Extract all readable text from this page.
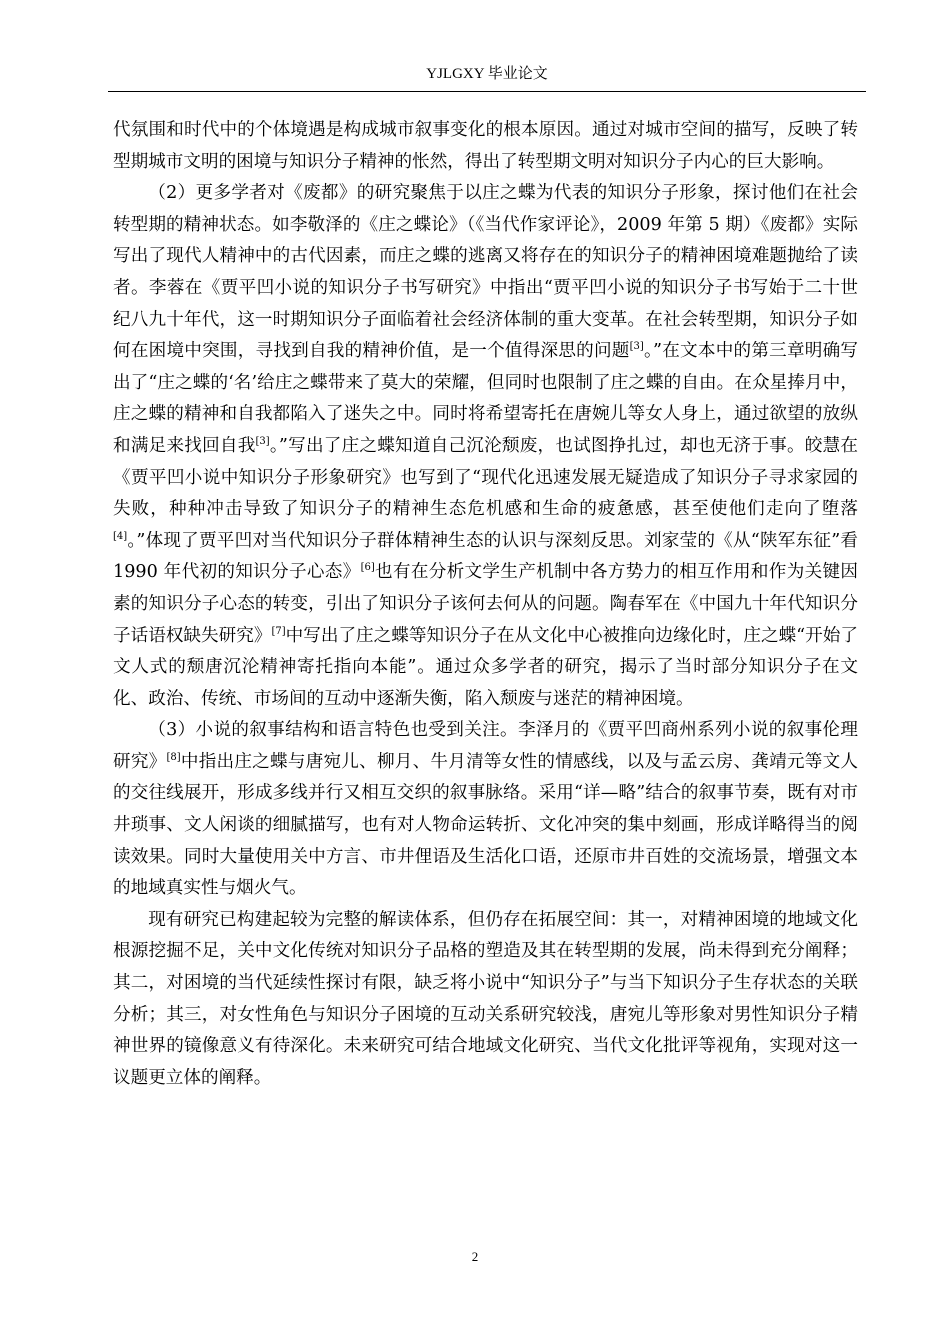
YJLGXY 毕业论文

代氛围和时代中的个体境遇是构成城市叙事变化的根本原因。通过对城市空间的描写，反映了转型期城市文明的困境与知识分子精神的怅然，得出了转型期文明对知识分子内心的巨大影响。

（2）更多学者对《废都》的研究聚焦于以庄之蝶为代表的知识分子形象，探讨他们在社会转型期的精神状态。如李敬泽的《庄之蝶论》（《当代作家评论》，2009 年第 5 期）《废都》实际写出了现代人精神中的古代因素，而庄之蝶的逃离又将存在的知识分子的精神困境难题抛给了读者。李蓉在《贾平凹小说的知识分子书写研究》中指出“贾平凹小说的知识分子书写始于二十世纪八九十年代，这一时期知识分子面临着社会经济体制的重大变革。在社会转型期，知识分子如何在困境中突围，寻找到自我的精神价值，是一个值得深思的问题[3]。”在文本中的第三章明确写出了“庄之蝶的‘名’给庄之蝶带来了莫大的荣耀，但同时也限制了庄之蝶的自由。在众星捧月中，庄之蝶的精神和自我都陷入了迷失之中。同时将希望寄托在唐婉儿等女人身上，通过欲望的放纵和满足来找回自我[3]。”写出了庄之蝶知道自己沉沦颓废，也试图挣扎过，却也无济于事。皎慧在《贾平凹小说中知识分子形象研究》也写到了“现代化迅速发展无疑造成了知识分子寻求家园的失败，种种冲击导致了知识分子的精神生态危机感和生命的疲惫感，甚至使他们走向了堕落[4]。”体现了贾平凹对当代知识分子群体精神生态的认识与深刻反思。刘家莹的《从“陕军东征”看 1990 年代初的知识分子心态》[6]也有在分析文学生产机制中各方势力的相互作用和作为关键因素的知识分子心态的转变，引出了知识分子该何去何从的问题。陶春军在《中国九十年代知识分子话语权缺失研究》[7]中写出了庄之蝶等知识分子在从文化中心被推向边缘化时，庄之蝶“开始了文人式的颓唐沉沦精神寄托指向本能”。通过众多学者的研究，揭示了当时部分知识分子在文化、政治、传统、市场间的互动中逐渐失衡，陷入颓废与迷茫的精神困境。

（3）小说的叙事结构和语言特色也受到关注。李泽月的《贾平凹商州系列小说的叙事伦理研究》[8]中指出庄之蝶与唐宛儿、柳月、牛月清等女性的情感线，以及与孟云房、龚靖元等文人的交往线展开，形成多线并行又相互交织的叙事脉络。采用“详—略”结合的叙事节奏，既有对市井琐事、文人闲谈的细腻描写，也有对人物命运转折、文化冲突的集中刻画，形成详略得当的阅读效果。同时大量使用关中方言、市井俚语及生活化口语，还原市井百姓的交流场景，增强文本的地域真实性与烟火气。

现有研究已构建起较为完整的解读体系，但仍存在拓展空间：其一，对精神困境的地域文化根源挖掘不足，关中文化传统对知识分子品格的塑造及其在转型期的发展，尚未得到充分阐释；其二，对困境的当代延续性探讨有限，缺乏将小说中“知识分子”与当下知识分子生存状态的关联分析；其三，对女性角色与知识分子困境的互动关系研究较浅，唐宛儿等形象对男性知识分子精神世界的镜像意义有待深化。未来研究可结合地域文化研究、当代文化批评等视角，实现对这一议题更立体的阐释。

2
